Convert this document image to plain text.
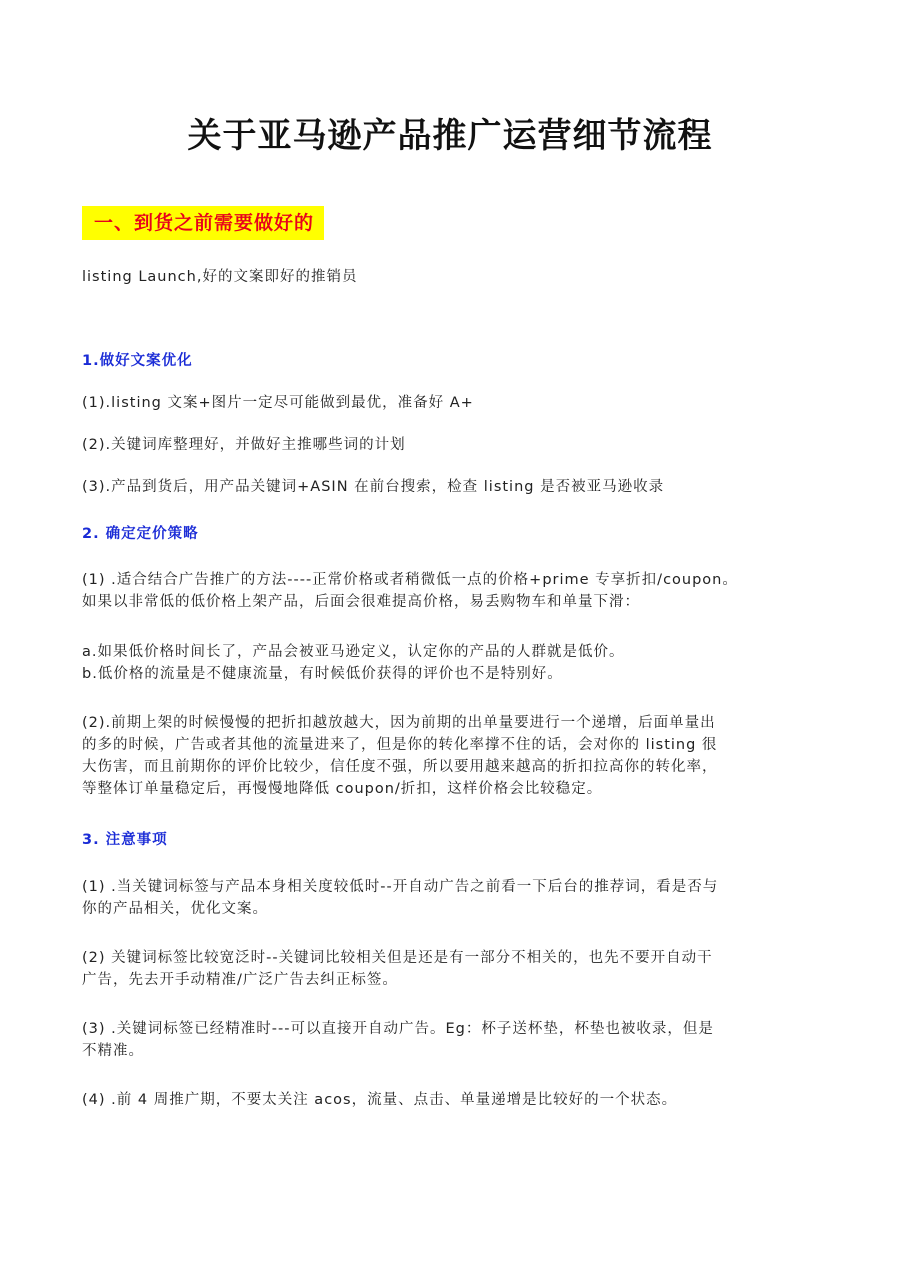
关于亚马逊产品推广运营细节流程
一、到货之前需要做好的
listing Launch,好的文案即好的推销员
1.做好文案优化
(1).listing 文案+图片一定尽可能做到最优，准备好 A+
(2).关键词库整理好，并做好主推哪些词的计划
(3).产品到货后，用产品关键词+ASIN 在前台搜索，检查 listing 是否被亚马逊收录
2. 确定定价策略

(1) .适合结合广告推广的方法----正常价格或者稍微低一点的价格+prime 专享折扣/coupon。

如果以非常低的低价格上架产品，后面会很难提高价格，易丢购物车和单量下滑：

a.如果低价格时间长了，产品会被亚马逊定义，认定你的产品的人群就是低价。

b.低价格的流量是不健康流量，有时候低价获得的评价也不是特别好。

(2).前期上架的时候慢慢的把折扣越放越大，因为前期的出单量要进行一个递增，后面单量出

的多的时候，广告或者其他的流量进来了，但是你的转化率撑不住的话，会对你的 listing 很

大伤害，而且前期你的评价比较少，信任度不强，所以要用越来越高的折扣拉高你的转化率，

等整体订单量稳定后，再慢慢地降低 coupon/折扣，这样价格会比较稳定。

3. 注意事项

(1) .当关键词标签与产品本身相关度较低时--开自动广告之前看一下后台的推荐词，看是否与

你的产品相关，优化文案。

(2) 关键词标签比较宽泛时--关键词比较相关但是还是有一部分不相关的，也先不要开自动干

广告，先去开手动精准/广泛广告去纠正标签。

(3) .关键词标签已经精准时---可以直接开自动广告。Eg：杯子送杯垫，杯垫也被收录，但是

不精准。

(4) .前 4 周推广期，不要太关注 acos，流量、点击、单量递增是比较好的一个状态。
